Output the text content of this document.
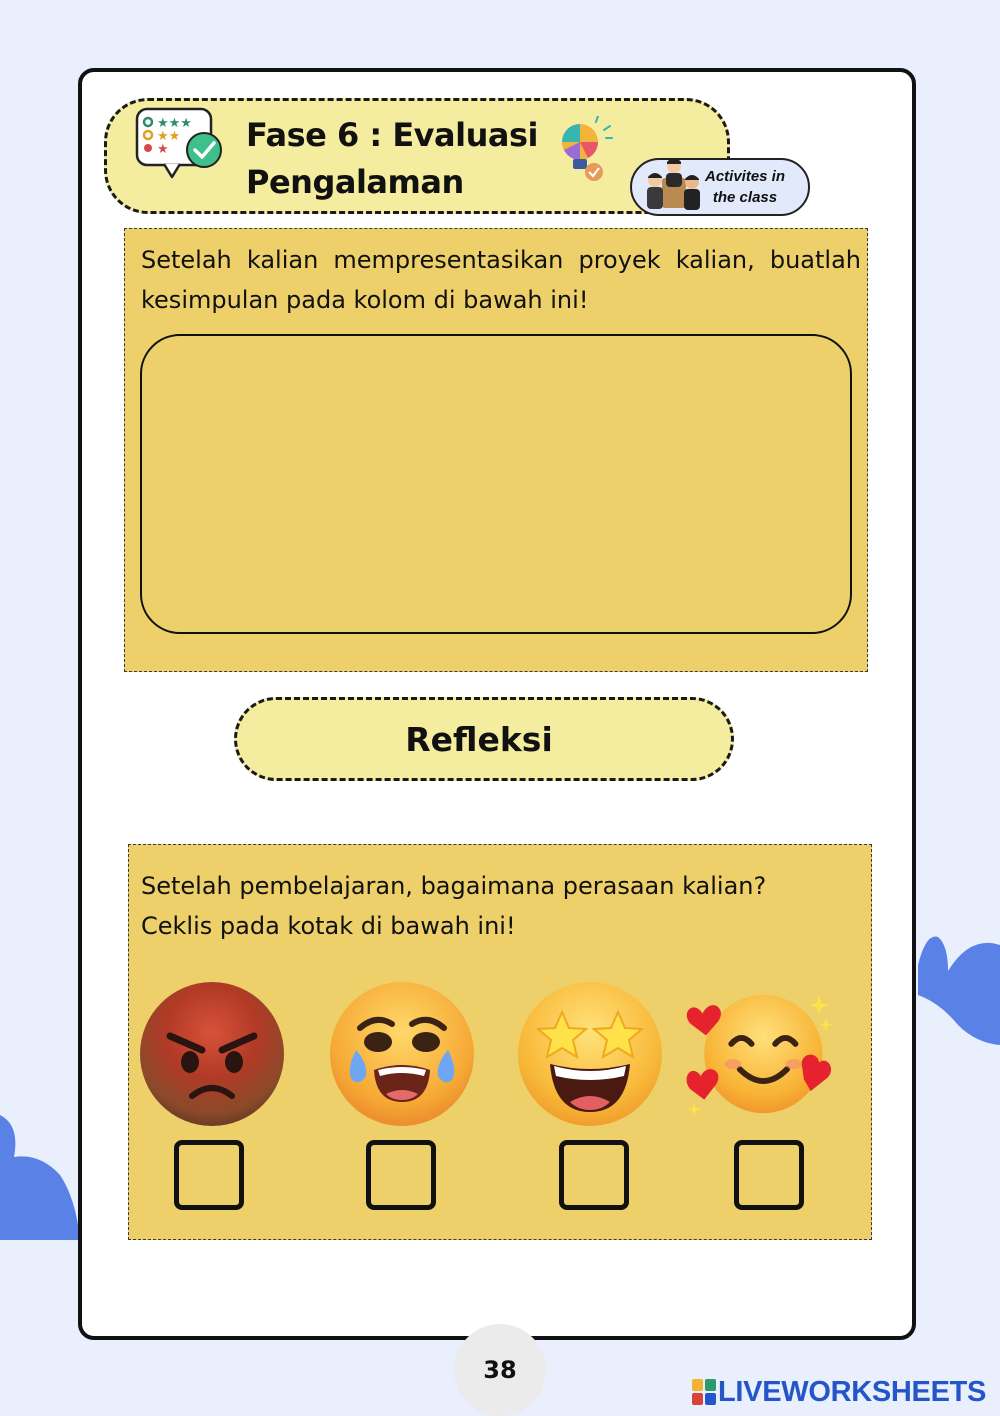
★★★
★★
★ Fase 6 : Evaluasi Pengalaman	Activites in
the class

Setelah kalian mempresentasikan proyek kalian, buatlah kesimpulan pada kolom di bawah ini!

Refleksi
Setelah pembelajaran, bagaimana perasaan kalian?
Ceklis pada kotak di bawah ini!
38
LIVEWORKSHEETS
